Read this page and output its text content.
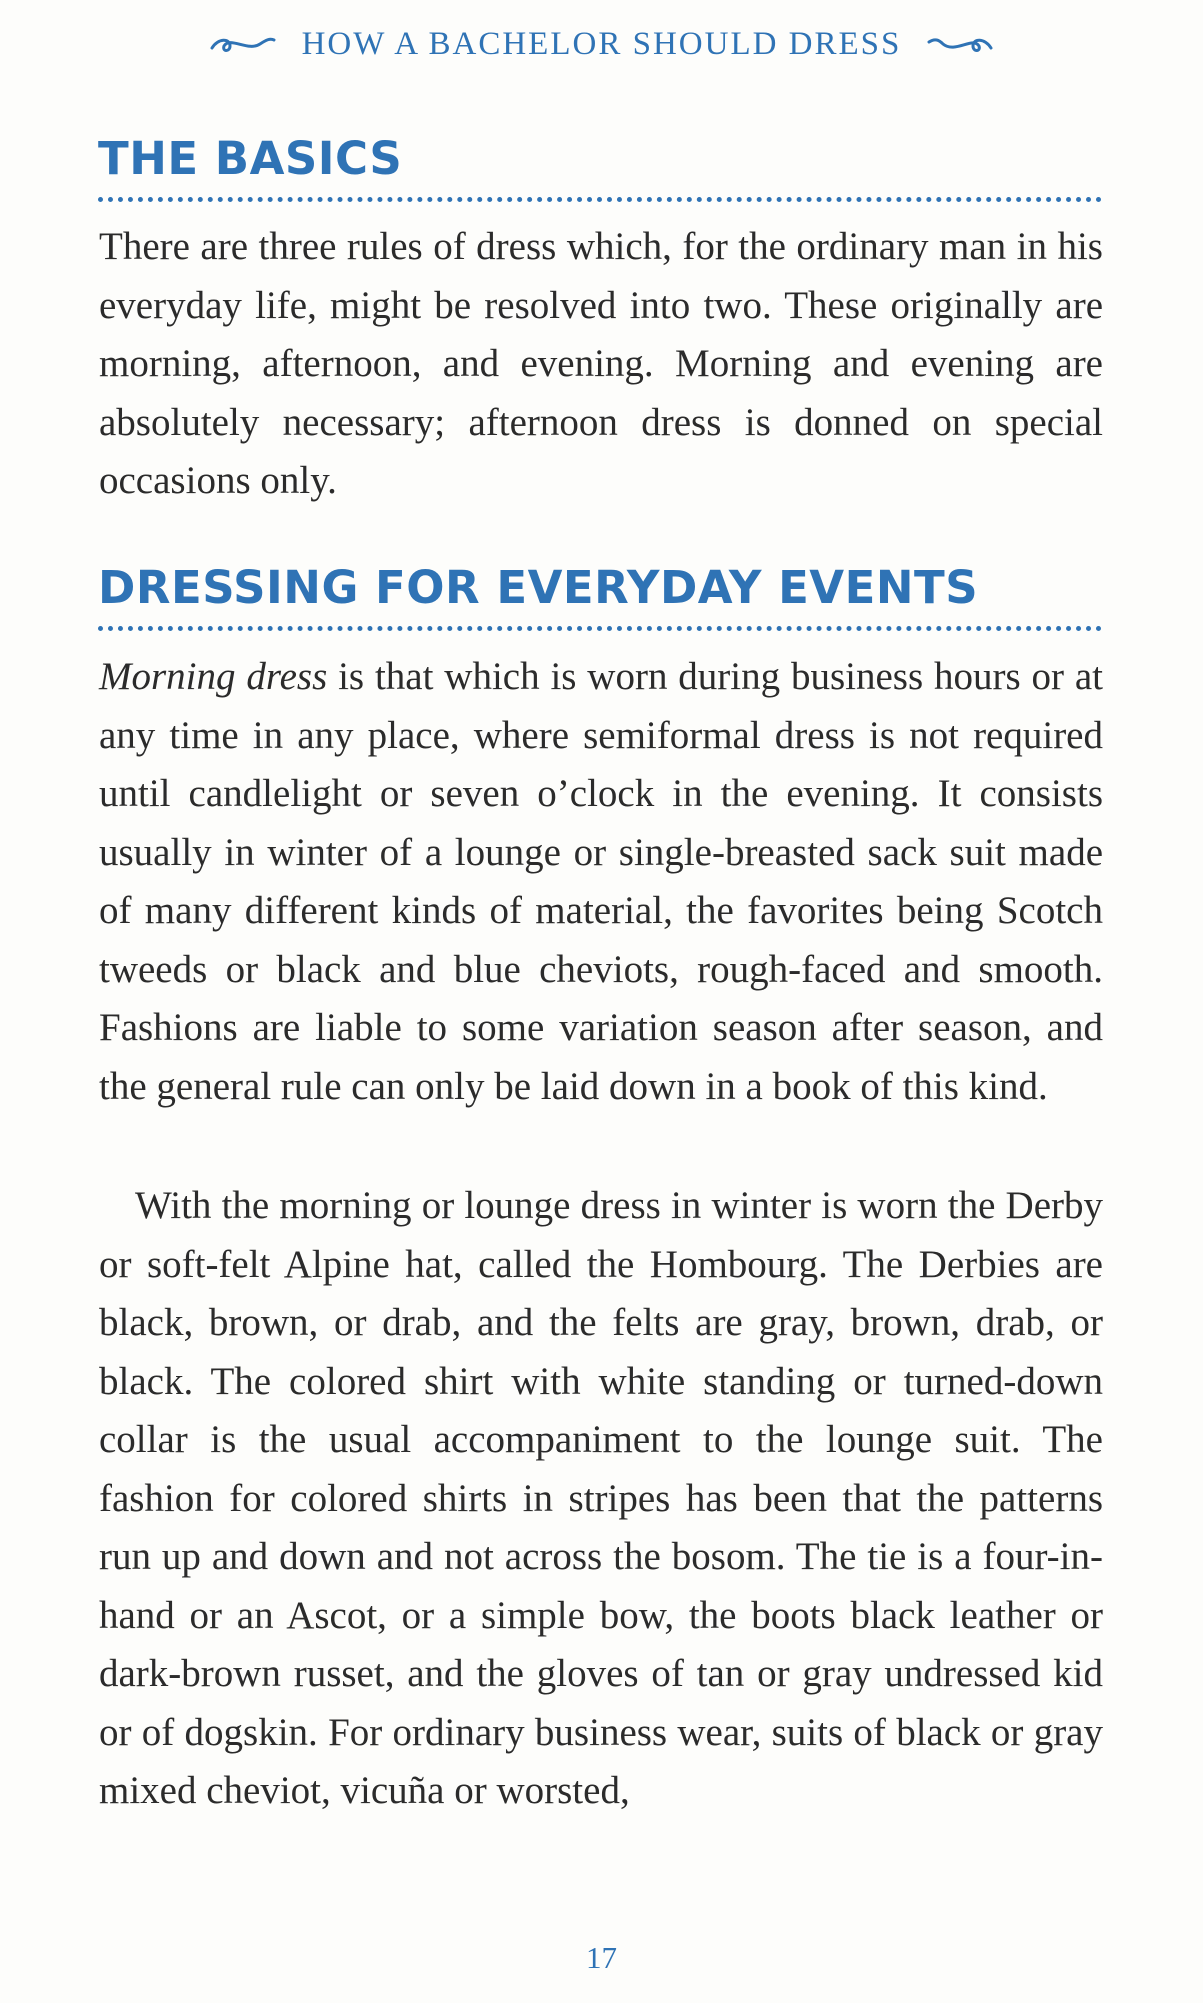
HOW A BACHELOR SHOULD DRESS
THE BASICS

There are three rules of dress which, for the ordinary man in his everyday life, might be resolved into two. These originally are morning, afternoon, and evening. Morning and evening are absolutely necessary; afternoon dress is donned on special occasions only.

DRESSING FOR EVERYDAY EVENTS

Morning dress is that which is worn during business hours or at any time in any place, where semiformal dress is not required until candlelight or seven o’clock in the evening. It consists usually in winter of a lounge or single-breasted sack suit made of many different kinds of material, the favorites being Scotch tweeds or black and blue cheviots, rough-faced and smooth. Fashions are liable to some variation season after season, and the general rule can only be laid down in a book of this kind.

With the morning or lounge dress in winter is worn the Derby or soft-felt Alpine hat, called the Hombourg. The Derbies are black, brown, or drab, and the felts are gray, brown, drab, or black. The colored shirt with white standing or turned-down collar is the usual accompaniment to the lounge suit. The fashion for colored shirts in stripes has been that the patterns run up and down and not across the bosom. The tie is a four-in-hand or an Ascot, or a simple bow, the boots black leather or dark-brown russet, and the gloves of tan or gray undressed kid or of dogskin. For ordinary business wear, suits of black or gray mixed cheviot, vicuña or worsted,

17
